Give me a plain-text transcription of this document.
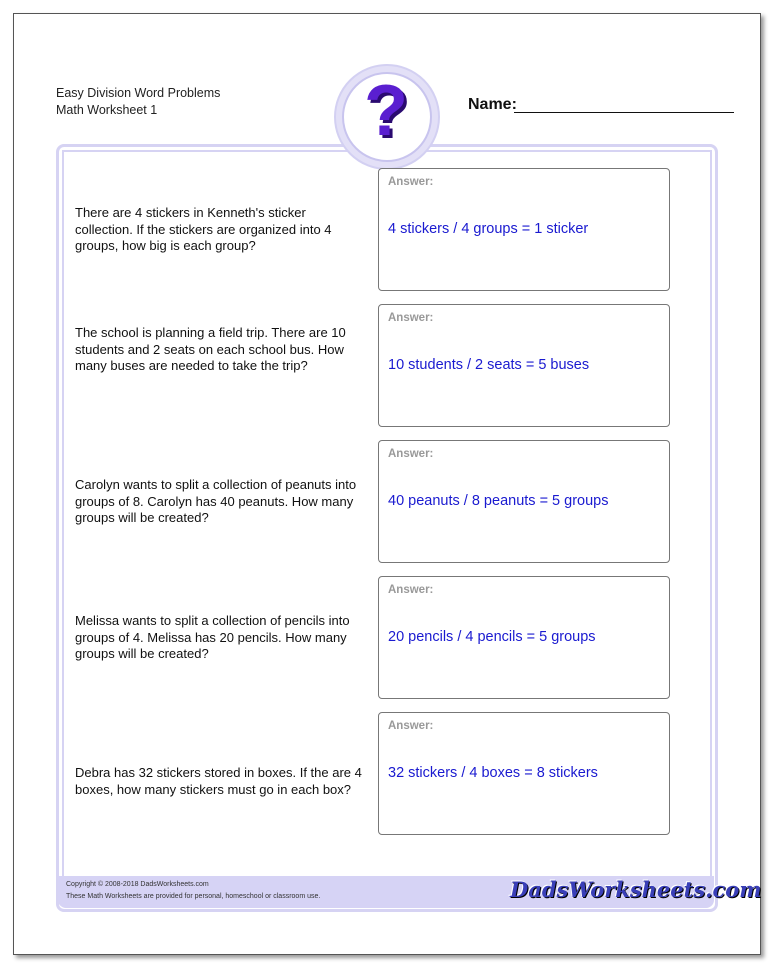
Easy Division Word Problems
Math Worksheet 1	Name:
Copyright © 2008-2018 DadsWorksheets.com
These Math Worksheets are provided for personal, homeschool or classroom use.	DadsWorksheets.com
?
There are 4 stickers in Kenneth's sticker collection. If the stickers are organized into 4 groups, how big is each group?
Answer:
4 stickers / 4 groups = 1 sticker
The school is planning a field trip. There are 10 students and 2 seats on each school bus. How many buses are needed to take the trip?
Answer:
10 students / 2 seats = 5 buses
Carolyn wants to split a collection of peanuts into groups of 8. Carolyn has 40 peanuts. How many groups will be created?
Answer:
40 peanuts / 8 peanuts = 5 groups
Melissa wants to split a collection of pencils into groups of 4. Melissa has 20 pencils. How many groups will be created?
Answer:
20 pencils / 4 pencils = 5 groups
Debra has 32 stickers stored in boxes. If the are 4 boxes, how many stickers must go in each box?
Answer:
32 stickers / 4 boxes = 8 stickers
